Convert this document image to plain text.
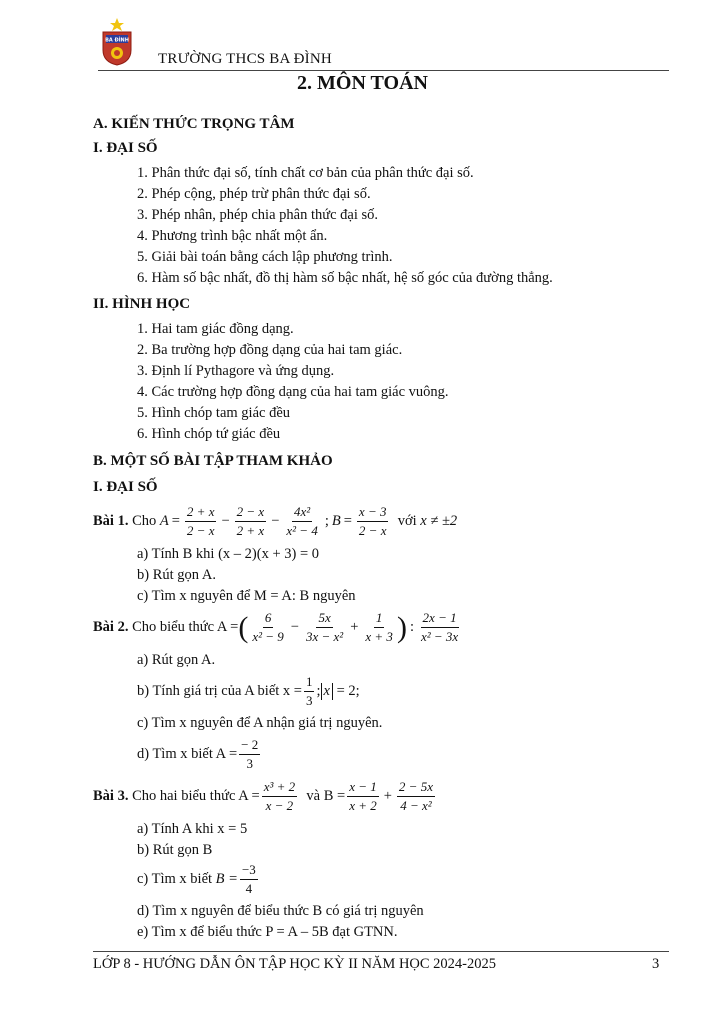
BA ĐÌNH
TRƯỜNG THCS BA ĐÌNH
2. MÔN TOÁN
A. KIẾN THỨC TRỌNG TÂM
I. ĐẠI SỐ
1. Phân thức đại số, tính chất cơ bản của phân thức đại số.
2. Phép cộng, phép trừ phân thức đại số.
3. Phép nhân, phép chia phân thức đại số.
4. Phương trình bậc nhất một ẩn.
5. Giải bài toán bằng cách lập phương trình.
6. Hàm số bậc nhất, đồ thị hàm số bậc nhất, hệ số góc của đường thẳng.
II. HÌNH HỌC
1. Hai tam giác đồng dạng.
2. Ba trường hợp đồng dạng của hai tam giác.
3. Định lí Pythagore và ứng dụng.
4. Các trường hợp đồng dạng của hai tam giác vuông.
5. Hình chóp tam giác đều
6. Hình chóp tứ giác đều
B. MỘT SỐ BÀI TẬP THAM KHẢO
I. ĐẠI SỐ
Bài 1.
Cho
$A = \frac{2 + x}{2 - x} - \frac{2 - x}{2 + x} - \frac{\text{4x²}}{\text{x² − 4}}$ ; $B = \frac{x - 3}{2 - x}$
với
x ≠ ±2
a) Tính B khi (x – 2)(x + 3) = 0
b) Rút gọn A.
c) Tìm x nguyên để M = A: B nguyên
Bài 2.
Cho biểu thức A = ( $\frac{6}{\text{x² − 9}} - \frac{5x}{\text{3x − x²}} + \frac{1}{x + 3}$ ) : $\frac{2x - 1}{\text{x² − 3x}}$
a) Rút gọn A.
b) Tính giá trị của A biết $x = \frac{1}{3}$ ; x
= 2;
c) Tìm x nguyên để A nhận giá trị nguyên.
d) Tìm x biết $A = \frac{- 2}{3}$
Bài 3.
Cho hai biểu thức $A = \frac{\text{x³ + 2}}{x - 2}$
và $B = \frac{x - 1}{x + 2} + \frac{2 - 5x}{\text{4 − x²}}$
a) Tính A khi x = 5
b) Rút gọn B
c) Tìm x biết
$B = \frac{-3}{4}$
d) Tìm x nguyên để biểu thức B có giá trị nguyên
e) Tìm x để biểu thức P = A – 5B đạt GTNN.
LỚP 8 - HƯỚNG DẪN ÔN TẬP HỌC KỲ II NĂM HỌC 2024-2025	3
